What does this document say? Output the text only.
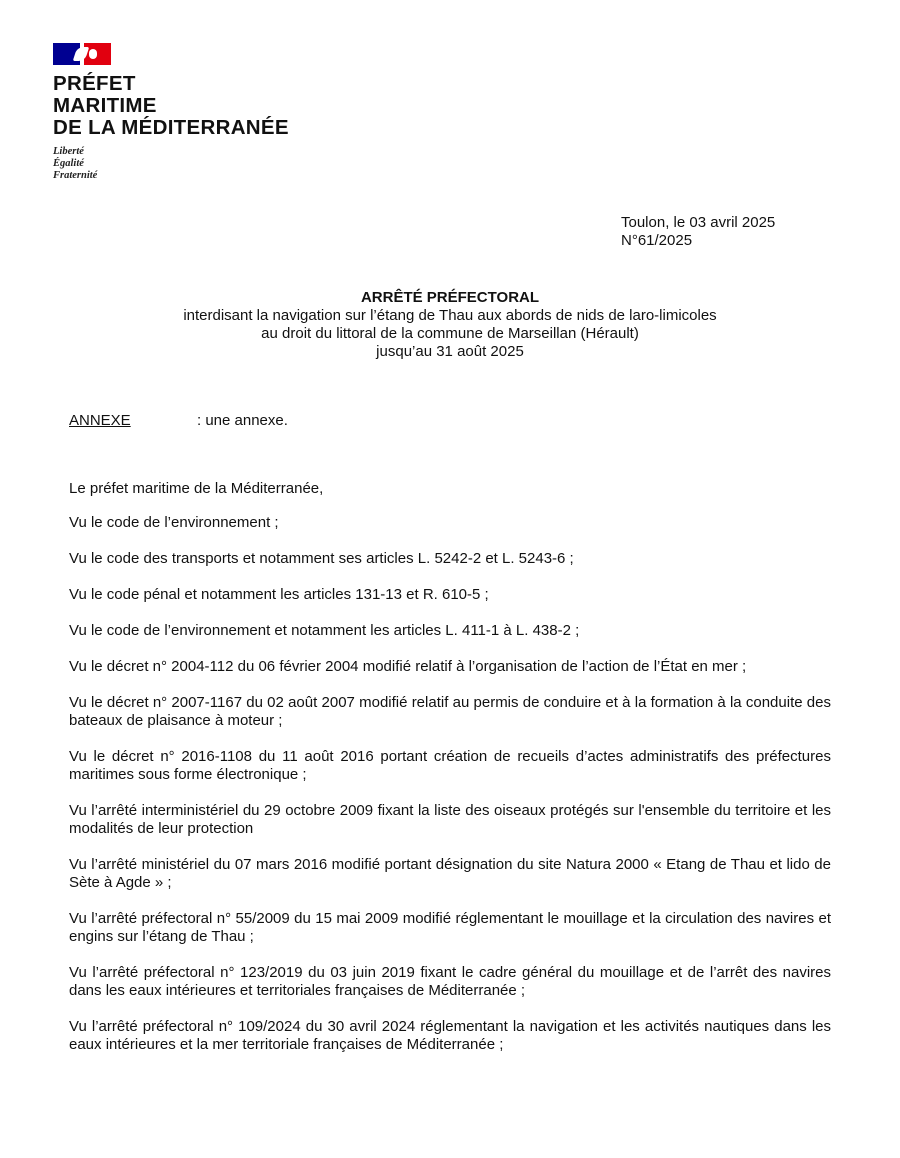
PRÉFET
MARITIME
DE LA MÉDITERRANÉE
Liberté
Égalité
Fraternité
Toulon, le 03 avril 2025
N°61/2025
ARRÊTÉ PRÉFECTORAL
interdisant la navigation sur l’étang de Thau aux abords de nids de laro-limicoles
au droit du littoral de la commune de Marseillan (Hérault)
jusqu’au 31 août 2025
ANNEXE	: une annexe.

Le préfet maritime de la Méditerranée,

Vu le code de l’environnement ;

Vu le code des transports et notamment ses articles L. 5242-2 et L. 5243-6 ;

Vu le code pénal et notamment les articles 131-13 et R. 610-5 ;

Vu le code de l’environnement et notamment les articles L. 411-1 à L. 438-2 ;

Vu le décret n° 2004-112 du 06 février 2004 modifié relatif à l’organisation de l’action de l’État en mer ;

Vu le décret n° 2007-1167 du 02 août 2007 modifié relatif au permis de conduire et à la formation à la conduite des bateaux de plaisance à moteur ;

Vu le décret n° 2016-1108 du 11 août 2016 portant création de recueils d’actes administratifs des préfectures maritimes sous forme électronique ;

Vu l’arrêté interministériel du 29 octobre 2009 fixant la liste des oiseaux protégés sur l'ensemble du territoire et les modalités de leur protection

Vu l’arrêté ministériel du 07 mars 2016 modifié portant désignation du site Natura 2000 « Etang de Thau et lido de Sète à Agde » ;

Vu l’arrêté préfectoral n° 55/2009 du 15 mai 2009 modifié réglementant le mouillage et la circulation des navires et engins sur l’étang de Thau ;

Vu l’arrêté préfectoral n° 123/2019 du 03 juin 2019 fixant le cadre général du mouillage et de l’arrêt des navires dans les eaux intérieures et territoriales françaises de Méditerranée ;

Vu l’arrêté préfectoral n° 109/2024 du 30 avril 2024 réglementant la navigation et les activités nautiques dans les eaux intérieures et la mer territoriale françaises de Méditerranée ;
